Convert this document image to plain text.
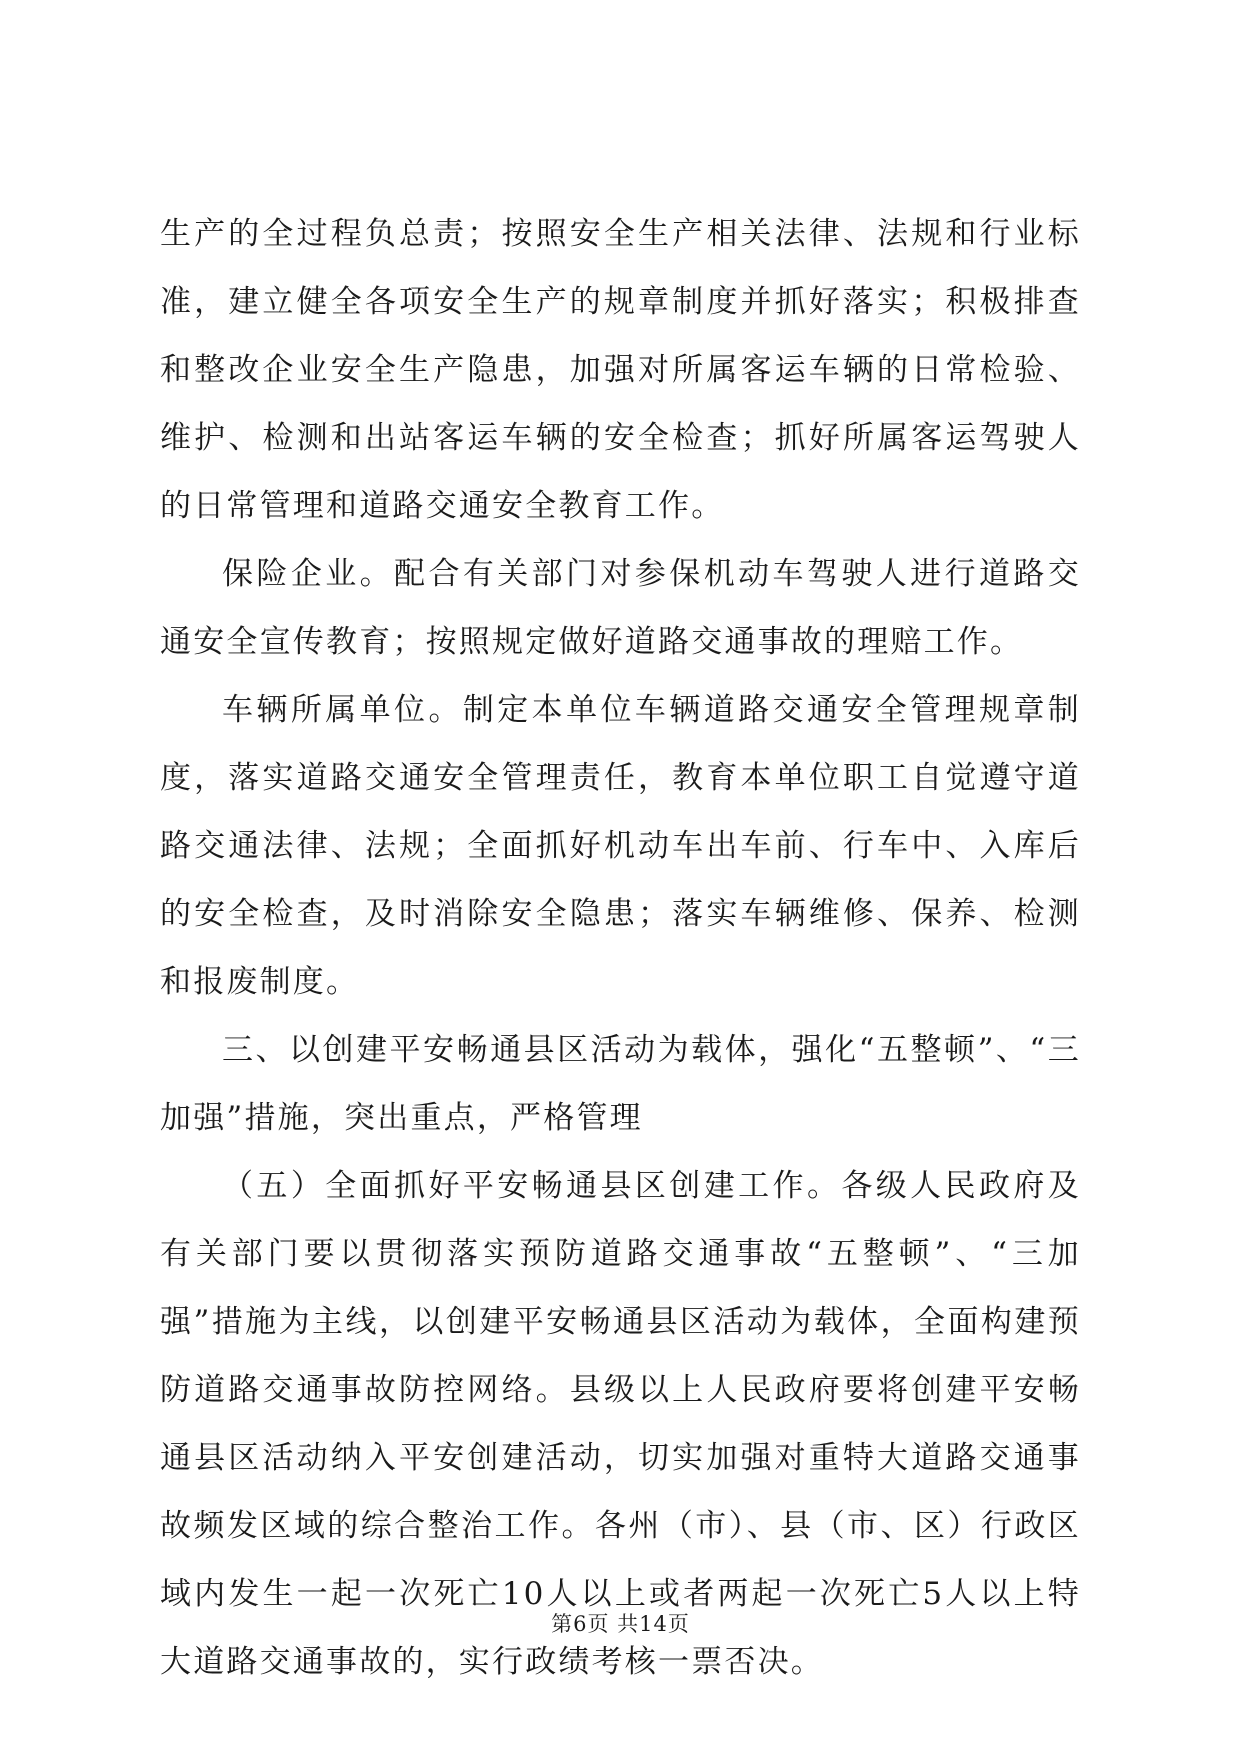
生产的全过程负总责；按照安全生产相关法律、法规和行业标准，建立健全各项安全生产的规章制度并抓好落实；积极排查和整改企业安全生产隐患，加强对所属客运车辆的日常检验、维护、检测和出站客运车辆的安全检查；抓好所属客运驾驶人的日常管理和道路交通安全教育工作。

保险企业。配合有关部门对参保机动车驾驶人进行道路交通安全宣传教育；按照规定做好道路交通事故的理赔工作。

车辆所属单位。制定本单位车辆道路交通安全管理规章制度，落实道路交通安全管理责任，教育本单位职工自觉遵守道路交通法律、法规；全面抓好机动车出车前、行车中、入库后的安全检查，及时消除安全隐患；落实车辆维修、保养、检测和报废制度。

三、以创建平安畅通县区活动为载体，强化“五整顿”、“三加强”措施，突出重点，严格管理

（五）全面抓好平安畅通县区创建工作。各级人民政府及有关部门要以贯彻落实预防道路交通事故“五整顿”、“三加强”措施为主线，以创建平安畅通县区活动为载体，全面构建预防道路交通事故防控网络。县级以上人民政府要将创建平安畅通县区活动纳入平安创建活动，切实加强对重特大道路交通事故频发区域的综合整治工作。各州（市）、县（市、区）行政区域内发生一起一次死亡10人以上或者两起一次死亡5人以上特大道路交通事故的，实行政绩考核一票否决。

第6页 共14页
